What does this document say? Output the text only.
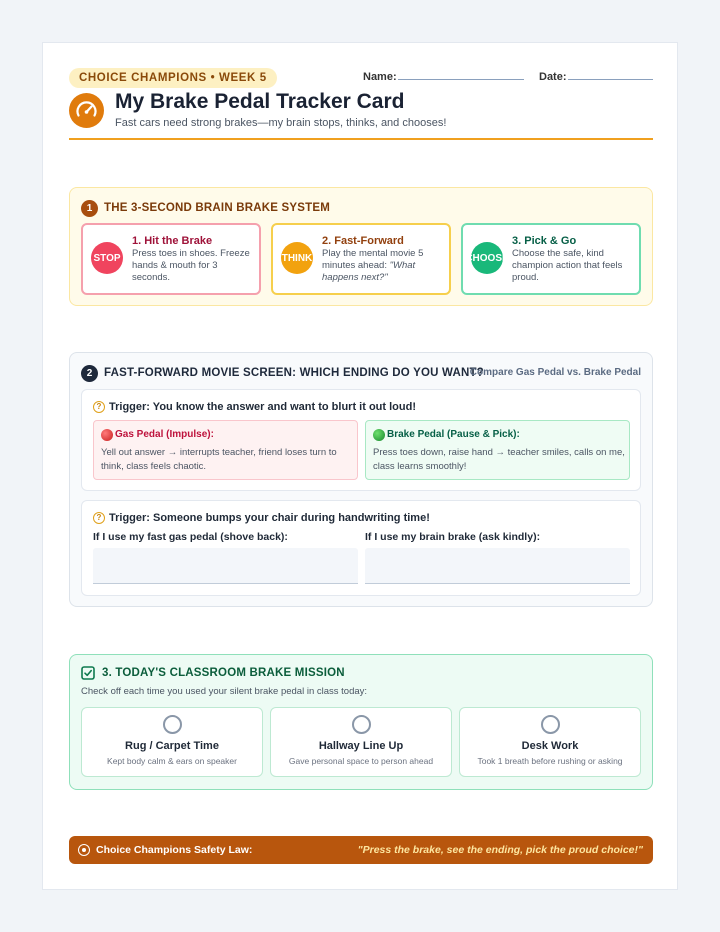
CHOICE CHAMPIONS • WEEK 5	Name:	Date:
My Brake Pedal Tracker Card
Fast cars need strong brakes—my brain stops, thinks, and chooses!
1	THE 3-SECOND BRAIN BRAKE SYSTEM
STOP
1. Hit the Brake
Press toes in shoes. Freeze hands & mouth for 3 seconds.
THINK
2. Fast-Forward
Play the mental movie 5 minutes ahead: "What happens next?"
CHOOSE
3. Pick & Go
Choose the safe, kind champion action that feels proud.
2	FAST-FORWARD MOVIE SCREEN: WHICH ENDING DO YOU WANT?
Compare Gas Pedal vs. Brake Pedal
? Trigger: You know the answer and want to blurt it out loud!
Gas Pedal (Impulse):
Yell out answer → interrupts teacher, friend loses turn to think, class feels chaotic.
Brake Pedal (Pause & Pick):
Press toes down, raise hand → teacher smiles, calls on me, class learns smoothly!
? Trigger: Someone bumps your chair during handwriting time!
If I use my fast gas pedal (shove back):	If I use my brain brake (ask kindly):
3. TODAY'S CLASSROOM BRAKE MISSION
Check off each time you used your silent brake pedal in class today:
Rug / Carpet Time
Kept body calm & ears on speaker
Hallway Line Up
Gave personal space to person ahead
Desk Work
Took 1 breath before rushing or asking
Choice Champions Safety Law:	"Press the brake, see the ending, pick the proud choice!"
